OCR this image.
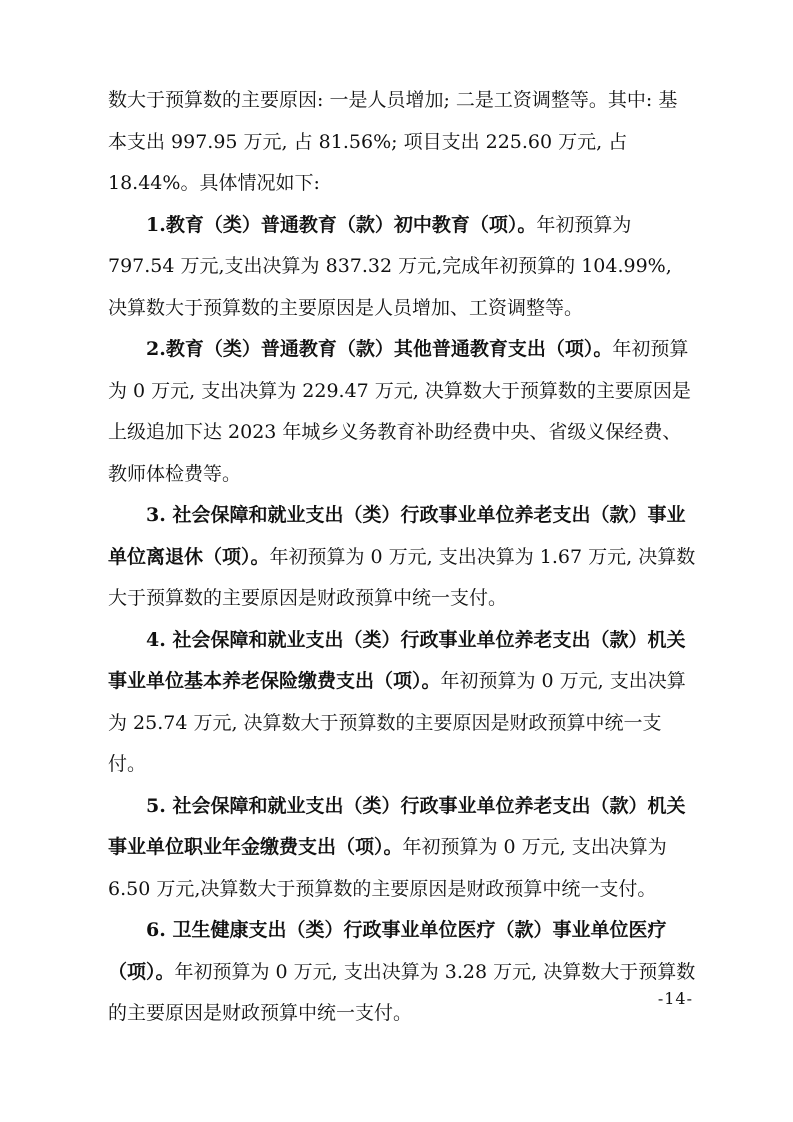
数大于预算数的主要原因: 一是人员增加; 二是工资调整等。其中: 基本支出 997.95 万元, 占 81.56%; 项目支出 225.60 万元, 占 18.44%。具体情况如下:

1.教育（类）普通教育（款）初中教育（项）。年初预算为 797.54 万元,支出决算为 837.32 万元,完成年初预算的 104.99%, 决算数大于预算数的主要原因是人员增加、工资调整等。

2.教育（类）普通教育（款）其他普通教育支出（项）。年初预算为 0 万元, 支出决算为 229.47 万元, 决算数大于预算数的主要原因是上级追加下达 2023 年城乡义务教育补助经费中央、省级义保经费、教师体检费等。

3. 社会保障和就业支出（类）行政事业单位养老支出（款）事业单位离退休（项）。年初预算为 0 万元, 支出决算为 1.67 万元, 决算数大于预算数的主要原因是财政预算中统一支付。

4. 社会保障和就业支出（类）行政事业单位养老支出（款）机关事业单位基本养老保险缴费支出（项）。年初预算为 0 万元, 支出决算为 25.74 万元, 决算数大于预算数的主要原因是财政预算中统一支付。

5. 社会保障和就业支出（类）行政事业单位养老支出（款）机关事业单位职业年金缴费支出（项）。年初预算为 0 万元, 支出决算为 6.50 万元,决算数大于预算数的主要原因是财政预算中统一支付。

6. 卫生健康支出（类）行政事业单位医疗（款）事业单位医疗（项）。年初预算为 0 万元, 支出决算为 3.28 万元, 决算数大于预算数的主要原因是财政预算中统一支付。

-14-
